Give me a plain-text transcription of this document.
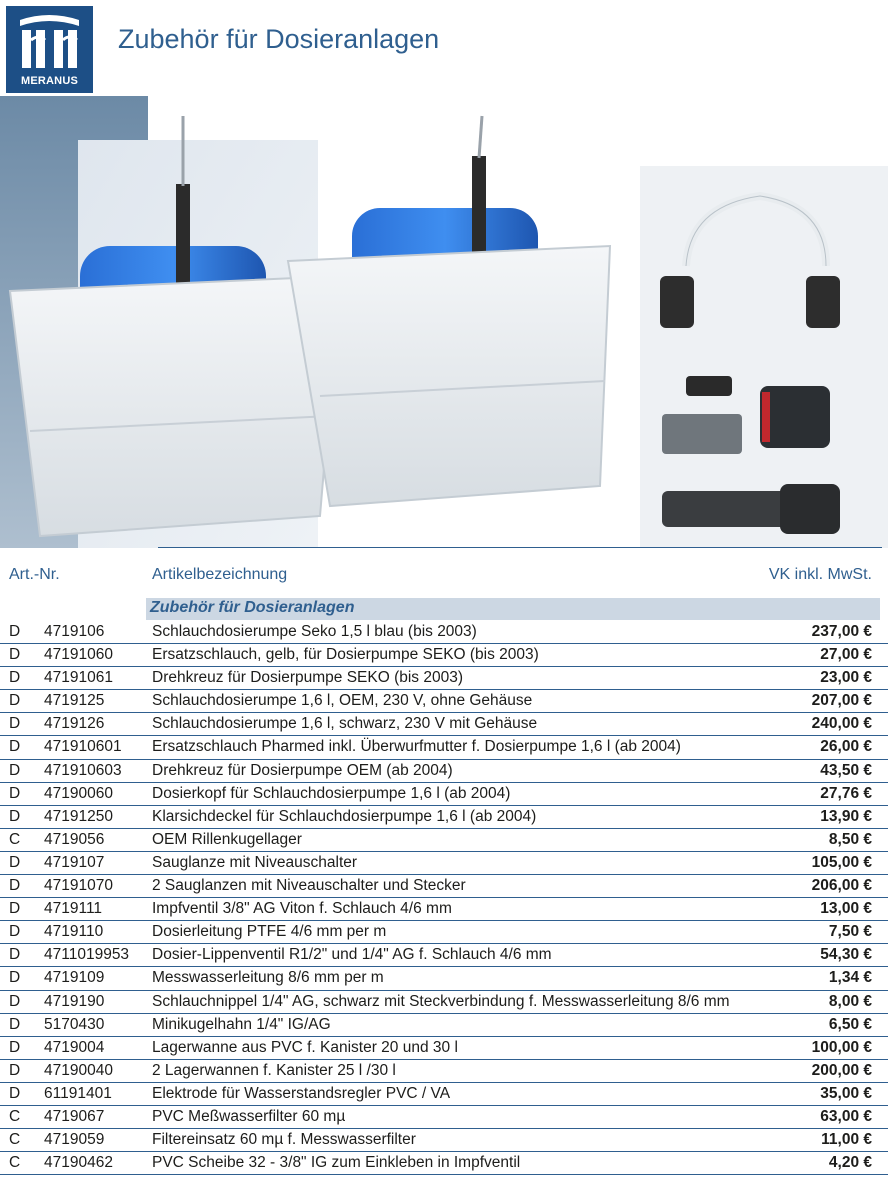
MERANUS
Zubehör für Dosieranlagen
Art.-Nr.	Artikelbezeichnung	VK inkl. MwSt.
Zubehör für Dosieranlagen
D 4719106	Schlauchdosierumpe Seko 1,5 l blau (bis 2003)	237,00 €
D 47191060	Ersatzschlauch, gelb, für Dosierpumpe SEKO (bis 2003)	27,00 €
D 47191061	Drehkreuz für Dosierpumpe SEKO (bis 2003)	23,00 €
D 4719125	Schlauchdosierumpe 1,6 l, OEM, 230 V, ohne Gehäuse	207,00 €
D 4719126	Schlauchdosierumpe 1,6 l, schwarz, 230 V mit Gehäuse	240,00 €
D 471910601 Ersatzschlauch Pharmed inkl. Überwurfmutter f. Dosierpumpe 1,6 l (ab 2004)	26,00 €
D 471910603 Drehkreuz für Dosierpumpe OEM (ab 2004)	43,50 €
D 47190060	Dosierkopf für Schlauchdosierpumpe 1,6 l (ab 2004)	27,76 €
D 47191250	Klarsichdeckel für Schlauchdosierpumpe 1,6 l (ab 2004)	13,90 €
C 4719056	OEM Rillenkugellager	8,50 €
D 4719107	Sauglanze mit Niveauschalter	105,00 €
D 47191070	2 Sauglanzen mit Niveauschalter und Stecker	206,00 €
D 4719111	Impfventil 3/8" AG Viton f. Schlauch 4/6 mm	13,00 €
D 4719110	Dosierleitung PTFE 4/6 mm per m	7,50 €
D 4711019953 Dosier-Lippenventil R1/2" und 1/4" AG f. Schlauch 4/6 mm	54,30 €
D 4719109	Messwasserleitung 8/6 mm per m	1,34 €
D 4719190	Schlauchnippel 1/4" AG, schwarz mit Steckverbindung f. Messwasserleitung 8/6 mm	8,00 €
D 5170430	Minikugelhahn 1/4" IG/AG	6,50 €
D 4719004	Lagerwanne aus PVC f. Kanister 20 und 30 l	100,00 €
D 47190040	2 Lagerwannen f. Kanister 25 l /30 l	200,00 €
D 61191401	Elektrode für Wasserstandsregler PVC / VA	35,00 €
C 4719067	PVC Meßwasserfilter 60 mµ	63,00 €
C 4719059	Filtereinsatz 60 mµ f. Messwasserfilter	11,00 €
C 47190462	PVC Scheibe 32 - 3/8" IG zum Einkleben in Impfventil	4,20 €
